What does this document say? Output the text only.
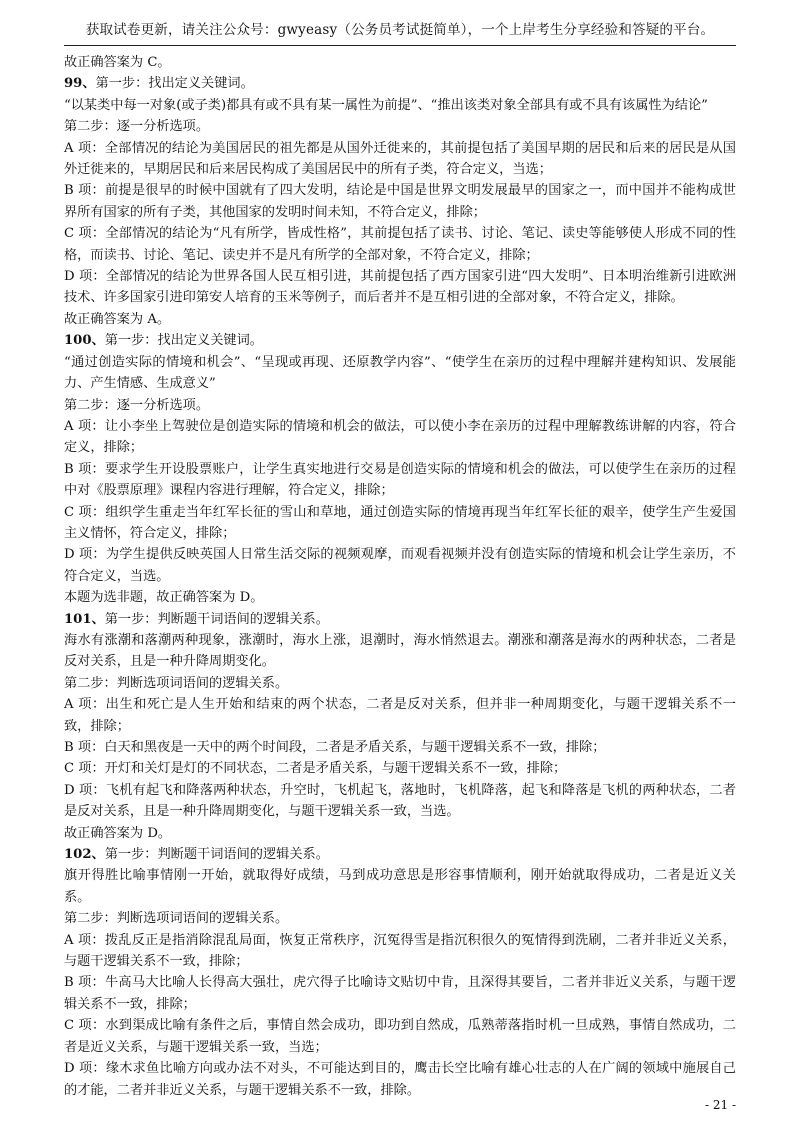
获取试卷更新，请关注公众号：gwyeasy（公务员考试挺简单），一个上岸考生分享经验和答疑的平台。

故正确答案为 C。

99、第一步：找出定义关键词。

“以某类中每一对象(或子类)都具有或不具有某一属性为前提”、“推出该类对象全部具有或不具有该属性为结论”

第二步：逐一分析选项。

A 项：全部情况的结论为美国居民的祖先都是从国外迁徙来的，其前提包括了美国早期的居民和后来的居民是从国外迁徙来的，早期居民和后来居民构成了美国居民中的所有子类，符合定义，当选；

B 项：前提是很早的时候中国就有了四大发明，结论是中国是世界文明发展最早的国家之一，而中国并不能构成世界所有国家的所有子类，其他国家的发明时间未知，不符合定义，排除；

C 项：全部情况的结论为“凡有所学，皆成性格”，其前提包括了读书、讨论、笔记、读史等能够使人形成不同的性格，而读书、讨论、笔记、读史并不是凡有所学的全部对象，不符合定义，排除；

D 项：全部情况的结论为世界各国人民互相引进，其前提包括了西方国家引进“四大发明”、日本明治维新引进欧洲技术、许多国家引进印第安人培育的玉米等例子，而后者并不是互相引进的全部对象，不符合定义，排除。

故正确答案为 A。

100、第一步：找出定义关键词。

“通过创造实际的情境和机会”、“呈现或再现、还原教学内容”、“使学生在亲历的过程中理解并建构知识、发展能力、产生情感、生成意义”

第二步：逐一分析选项。

A 项：让小李坐上驾驶位是创造实际的情境和机会的做法，可以使小李在亲历的过程中理解教练讲解的内容，符合定义，排除；

B 项：要求学生开设股票账户，让学生真实地进行交易是创造实际的情境和机会的做法，可以使学生在亲历的过程中对《股票原理》课程内容进行理解，符合定义，排除；

C 项：组织学生重走当年红军长征的雪山和草地，通过创造实际的情境再现当年红军长征的艰辛，使学生产生爱国主义情怀，符合定义，排除；

D 项：为学生提供反映英国人日常生活交际的视频观摩，而观看视频并没有创造实际的情境和机会让学生亲历，不符合定义，当选。

本题为选非题，故正确答案为 D。

101、第一步：判断题干词语间的逻辑关系。

海水有涨潮和落潮两种现象，涨潮时，海水上涨，退潮时，海水悄然退去。潮涨和潮落是海水的两种状态，二者是反对关系，且是一种升降周期变化。

第二步：判断选项词语间的逻辑关系。

A 项：出生和死亡是人生开始和结束的两个状态，二者是反对关系，但并非一种周期变化，与题干逻辑关系不一致，排除；

B 项：白天和黑夜是一天中的两个时间段，二者是矛盾关系，与题干逻辑关系不一致，排除；

C 项：开灯和关灯是灯的不同状态，二者是矛盾关系，与题干逻辑关系不一致，排除；

D 项：飞机有起飞和降落两种状态，升空时，飞机起飞，落地时，飞机降落，起飞和降落是飞机的两种状态，二者是反对关系，且是一种升降周期变化，与题干逻辑关系一致，当选。

故正确答案为 D。

102、第一步：判断题干词语间的逻辑关系。

旗开得胜比喻事情刚一开始，就取得好成绩，马到成功意思是形容事情顺利，刚开始就取得成功，二者是近义关系。

第二步：判断选项词语间的逻辑关系。

A 项：拨乱反正是指消除混乱局面，恢复正常秩序，沉冤得雪是指沉积很久的冤情得到洗刷，二者并非近义关系，与题干逻辑关系不一致，排除；

B 项：牛高马大比喻人长得高大强壮，虎穴得子比喻诗文贴切中肯，且深得其要旨，二者并非近义关系，与题干逻辑关系不一致，排除；

C 项：水到渠成比喻有条件之后，事情自然会成功，即功到自然成，瓜熟蒂落指时机一旦成熟，事情自然成功，二者是近义关系，与题干逻辑关系一致，当选；

D 项：缘木求鱼比喻方向或办法不对头，不可能达到目的，鹰击长空比喻有雄心壮志的人在广阔的领域中施展自己的才能，二者并非近义关系，与题干逻辑关系不一致，排除。

- 21 -
